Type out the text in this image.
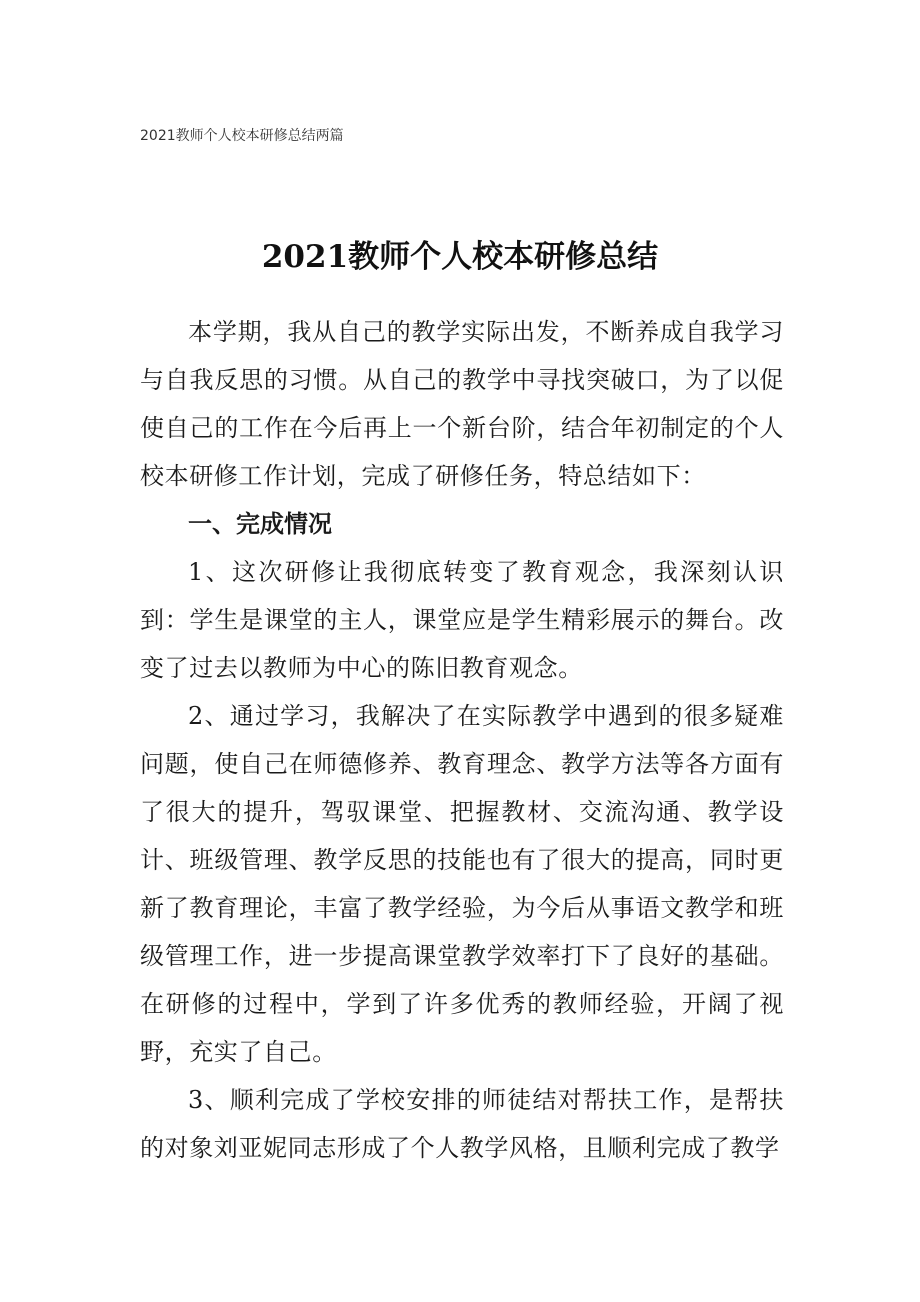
2021教师个人校本研修总结两篇
2021教师个人校本研修总结

本学期，我从自己的教学实际出发，不断养成自我学习与自我反思的习惯。从自己的教学中寻找突破口，为了以促使自己的工作在今后再上一个新台阶，结合年初制定的个人校本研修工作计划，完成了研修任务，特总结如下：

一、完成情况

1、这次研修让我彻底转变了教育观念，我深刻认识到：学生是课堂的主人，课堂应是学生精彩展示的舞台。改变了过去以教师为中心的陈旧教育观念。

2、通过学习，我解决了在实际教学中遇到的很多疑难问题，使自己在师德修养、教育理念、教学方法等各方面有了很大的提升，驾驭课堂、把握教材、交流沟通、教学设计、班级管理、教学反思的技能也有了很大的提高，同时更新了教育理论，丰富了教学经验，为今后从事语文教学和班级管理工作，进一步提高课堂教学效率打下了良好的基础。在研修的过程中，学到了许多优秀的教师经验，开阔了视野，充实了自己。

3、顺利完成了学校安排的师徒结对帮扶工作，是帮扶的对象刘亚妮同志形成了个人教学风格，且顺利完成了教学
